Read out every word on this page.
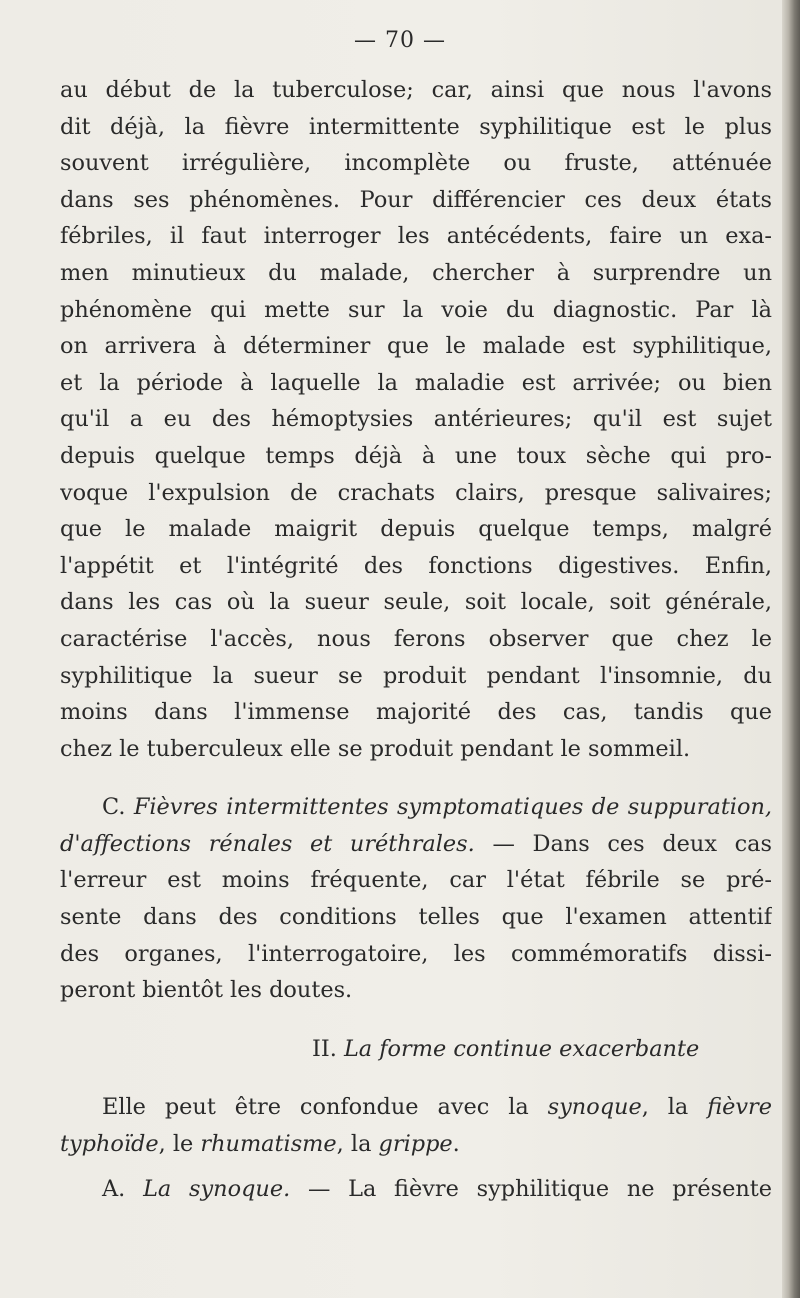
— 70 —
au début de la tuberculose; car, ainsi que nous l'avons
dit déjà, la fièvre intermittente syphilitique est le plus
souvent irrégulière, incomplète ou fruste, atténuée
dans ses phénomènes. Pour différencier ces deux états
fébriles, il faut interroger les antécédents, faire un exa-
men minutieux du malade, chercher à surprendre un
phénomène qui mette sur la voie du diagnostic. Par là
on arrivera à déterminer que le malade est syphilitique,
et la période à laquelle la maladie est arrivée; ou bien
qu'il a eu des hémoptysies antérieures; qu'il est sujet
depuis quelque temps déjà à une toux sèche qui pro-
voque l'expulsion de crachats clairs, presque salivaires;
que le malade maigrit depuis quelque temps, malgré
l'appétit et l'intégrité des fonctions digestives. Enfin,
dans les cas où la sueur seule, soit locale, soit générale,
caractérise l'accès, nous ferons observer que chez le
syphilitique la sueur se produit pendant l'insomnie, du
moins dans l'immense majorité des cas, tandis que
chez le tuberculeux elle se produit pendant le sommeil.
C. Fièvres intermittentes symptomatiques de suppuration,
d'affections rénales et uréthrales. — Dans ces deux cas
l'erreur est moins fréquente, car l'état fébrile se pré-
sente dans des conditions telles que l'examen attentif
des organes, l'interrogatoire, les commémoratifs dissi-
peront bientôt les doutes.
II. La forme continue exacerbante
Elle peut être confondue avec la synoque, la fièvre
typhoïde, le rhumatisme, la grippe.
A. La synoque. — La fièvre syphilitique ne présente
